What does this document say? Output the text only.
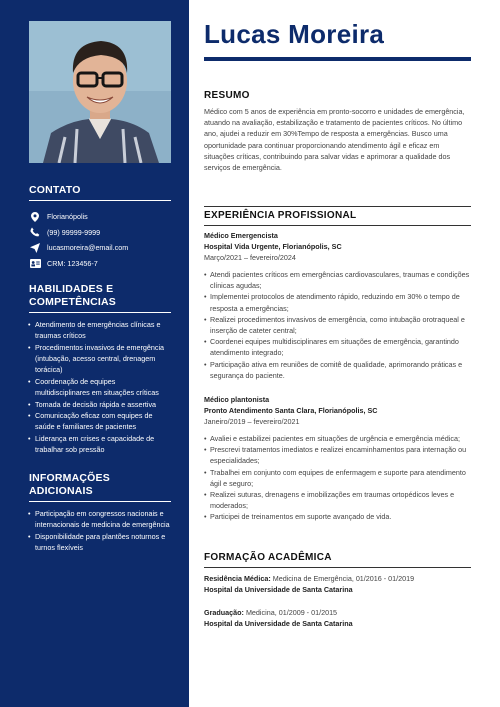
CONTATO
Florianópolis
(99) 99999-9999
lucasmoreira@email.com
CRM: 123456-7
HABILIDADES E COMPETÊNCIAS
• Atendimento de emergências clínicas e traumas críticos
• Procedimentos invasivos de emergência (intubação, acesso central, drenagem torácica)
• Coordenação de equipes multidisciplinares em situações críticas
• Tomada de decisão rápida e assertiva
• Comunicação eficaz com equipes de saúde e familiares de pacientes
• Liderança em crises e capacidade de trabalhar sob pressão
INFORMAÇÕES ADICIONAIS
• Participação em congressos nacionais e internacionais de medicina de emergência
• Disponibilidade para plantões noturnos e turnos flexíveis
Lucas Moreira
RESUMO
Médico com 5 anos de experiência em pronto-socorro e unidades de emergência, atuando na avaliação, estabilização e tratamento de pacientes críticos. No último ano, ajudei a reduzir em 30%Tempo de resposta a emergências. Busco uma oportunidade para continuar proporcionando atendimento ágil e eficaz em situações críticas, contribuindo para salvar vidas e aprimorar a qualidade dos serviços de emergência.
EXPERIÊNCIA PROFISSIONAL
Médico Emergencista
Hospital Vida Urgente, Florianópolis, SC
Março/2021 – fevereiro/2024
• Atendi pacientes críticos em emergências cardiovasculares, traumas e condições clínicas agudas;
• Implementei protocolos de atendimento rápido, reduzindo em 30% o tempo de resposta a emergências;
• Realizei procedimentos invasivos de emergência, como intubação orotraqueal e inserção de cateter central;
• Coordenei equipes multidisciplinares em situações de emergência, garantindo atendimento integrado;
• Participação ativa em reuniões de comitê de qualidade, aprimorando práticas e segurança do paciente.
Médico plantonista
Pronto Atendimento Santa Clara, Florianópolis, SC
Janeiro/2019 – fevereiro/2021
• Avaliei e estabilizei pacientes em situações de urgência e emergência médica;
• Prescrevi tratamentos imediatos e realizei encaminhamentos para internação ou especialidades;
• Trabalhei em conjunto com equipes de enfermagem e suporte para atendimento ágil e seguro;
• Realizei suturas, drenagens e imobilizações em traumas ortopédicos leves e moderados;
• Participei de treinamentos em suporte avançado de vida.
FORMAÇÃO ACADÊMICA
Residência Médica: Medicina de Emergência, 01/2016 - 01/2019
Hospital da Universidade de Santa Catarina
Graduação: Medicina, 01/2009 - 01/2015
Hospital da Universidade de Santa Catarina
